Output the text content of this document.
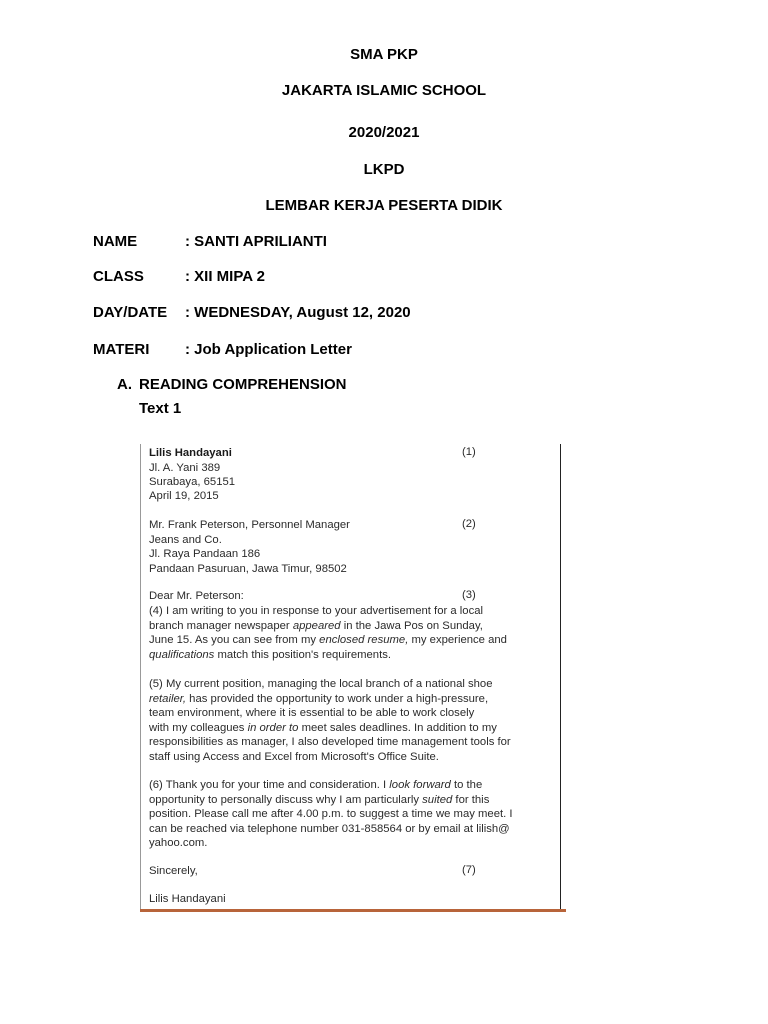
SMA PKP
JAKARTA ISLAMIC SCHOOL
2020/2021
LKPD
LEMBAR KERJA PESERTA DIDIK
NAME	: SANTI APRILIANTI
CLASS	: XII MIPA 2
DAY/DATE : WEDNESDAY, August 12, 2020
MATERI : Job Application Letter
A. READING COMPREHENSION
Text 1
Lilis Handayani	(1)
Jl. A. Yani 389
Surabaya, 65151
April 19, 2015
Mr. Frank Peterson, Personnel Manager	(2)
Jeans and Co.
Jl. Raya Pandaan 186
Pandaan Pasuruan, Jawa Timur, 98502
Dear Mr. Peterson:	(3)
(4) I am writing to you in response to your advertisement for a local
branch manager newspaper appeared in the Jawa Pos on Sunday,
June 15. As you can see from my enclosed resume, my experience and
qualifications match this position's requirements.
(5) My current position, managing the local branch of a national shoe
retailer, has provided the opportunity to work under a high-pressure,
team environment, where it is essential to be able to work closely
with my colleagues in order to meet sales deadlines. In addition to my
responsibilities as manager, I also developed time management tools for
staff using Access and Excel from Microsoft's Office Suite.
(6) Thank you for your time and consideration. I look forward to the
opportunity to personally discuss why I am particularly suited for this
position. Please call me after 4.00 p.m. to suggest a time we may meet. I
can be reached via telephone number 031-858564 or by email at lilish@
yahoo.com.
Sincerely,	(7)
Lilis Handayani
